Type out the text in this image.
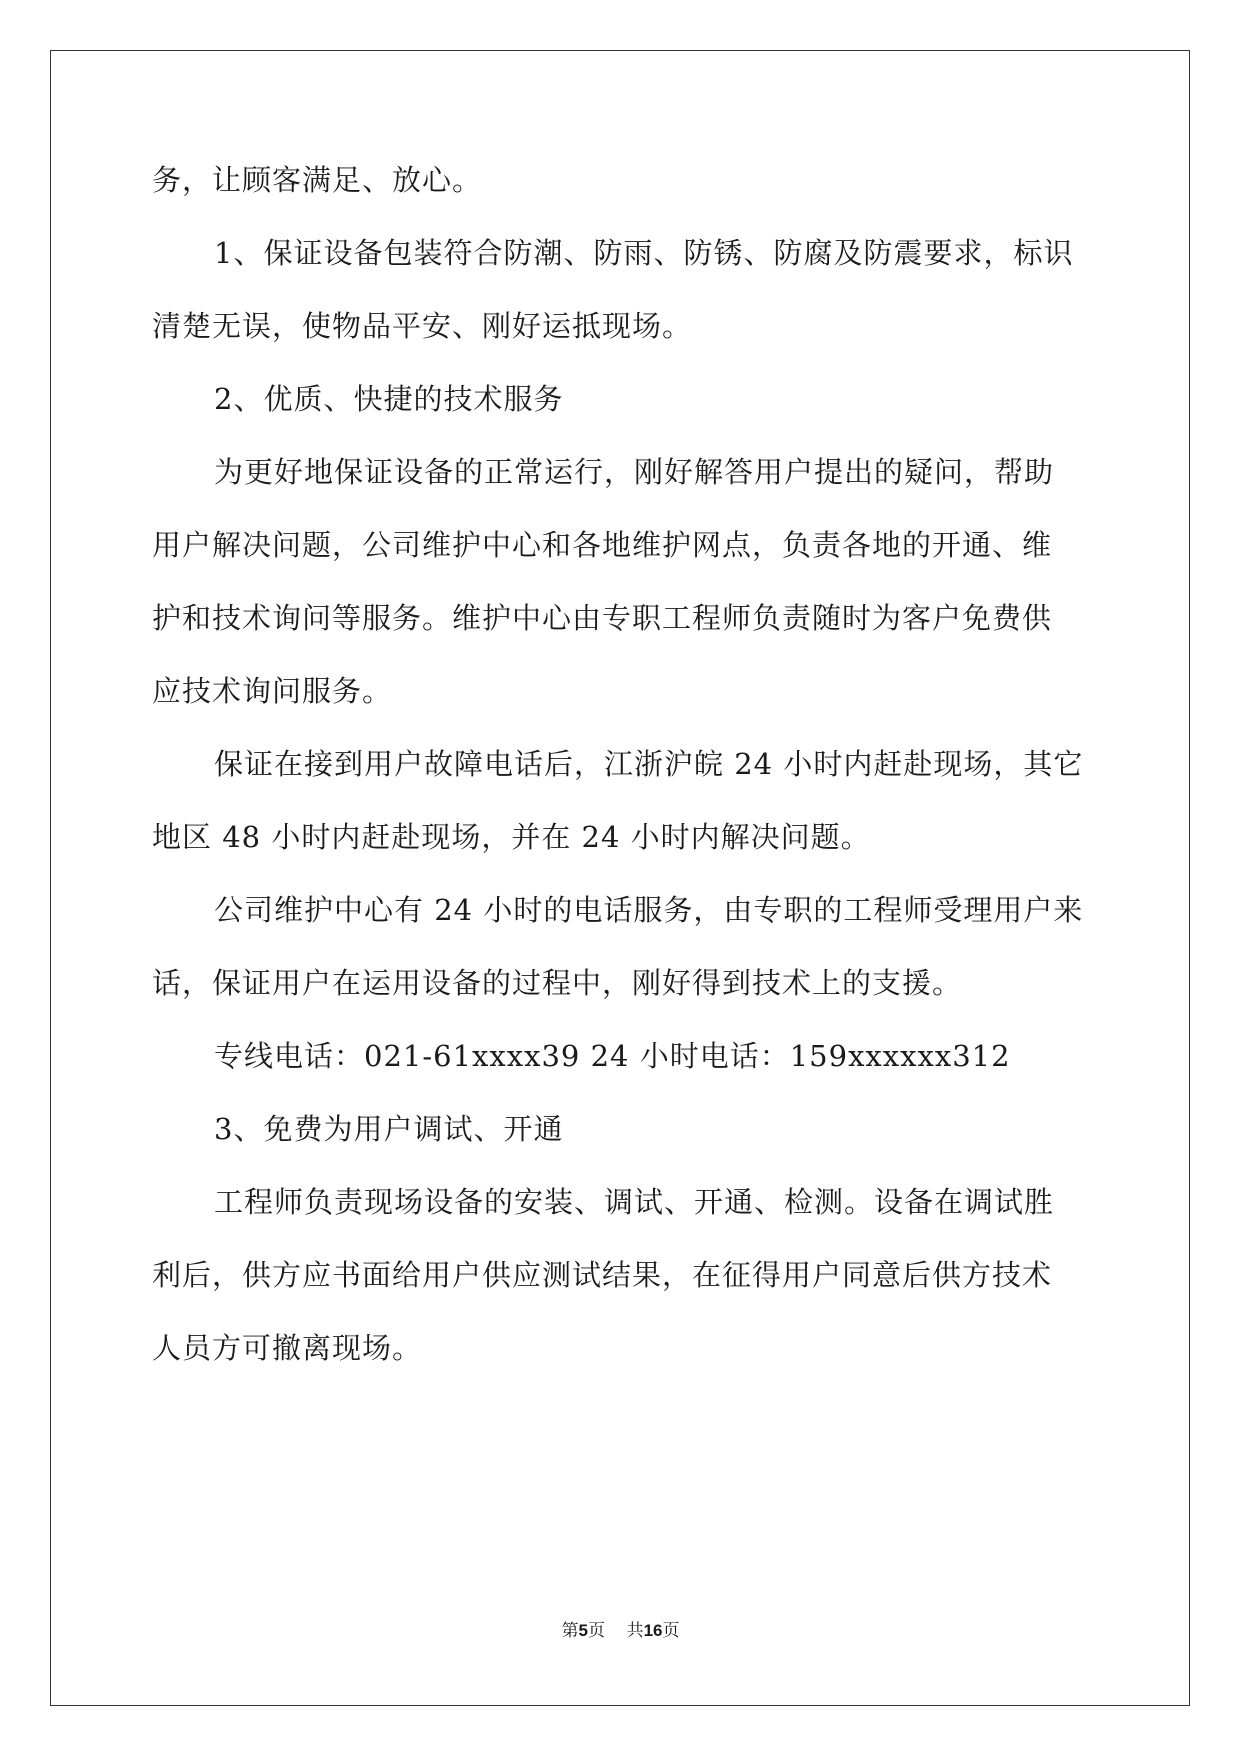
务，让顾客满足、放心。
1、保证设备包装符合防潮、防雨、防锈、防腐及防震要求，标识
清楚无误，使物品平安、刚好运抵现场。
2、优质、快捷的技术服务
为更好地保证设备的正常运行，刚好解答用户提出的疑问，帮助
用户解决问题，公司维护中心和各地维护网点，负责各地的开通、维
护和技术询问等服务。维护中心由专职工程师负责随时为客户免费供
应技术询问服务。
保证在接到用户故障电话后，江浙沪皖 24 小时内赶赴现场，其它
地区 48 小时内赶赴现场，并在 24 小时内解决问题。
公司维护中心有 24 小时的电话服务，由专职的工程师受理用户来
话，保证用户在运用设备的过程中，刚好得到技术上的支援。
专线电话：021-61xxxx39 24 小时电话：159xxxxxx312
3、免费为用户调试、开通
工程师负责现场设备的安装、调试、开通、检测。设备在调试胜
利后，供方应书面给用户供应测试结果，在征得用户同意后供方技术
人员方可撤离现场。
第5页 共16页
